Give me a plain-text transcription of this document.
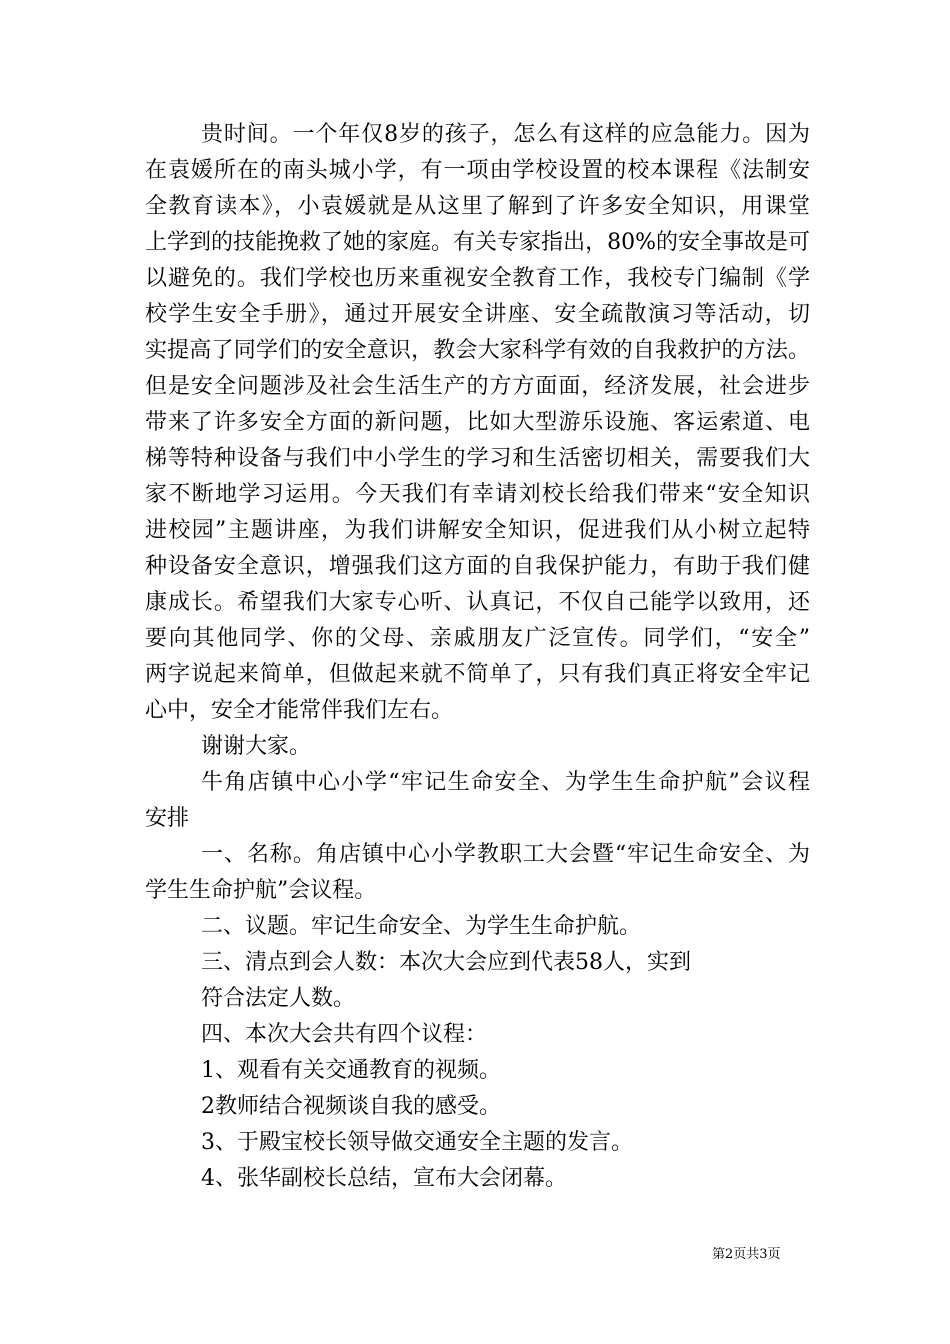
贵时间。一个年仅8岁的孩子，怎么有这样的应急能力。因为
在袁媛所在的南头城小学，有一项由学校设置的校本课程《法制安
全教育读本》，小袁媛就是从这里了解到了许多安全知识，用课堂
上学到的技能挽救了她的家庭。有关专家指出，80%的安全事故是可
以避免的。我们学校也历来重视安全教育工作，我校专门编制《学
校学生安全手册》，通过开展安全讲座、安全疏散演习等活动，切
实提高了同学们的安全意识，教会大家科学有效的自我救护的方法。
但是安全问题涉及社会生活生产的方方面面，经济发展，社会进步
带来了许多安全方面的新问题，比如大型游乐设施、客运索道、电
梯等特种设备与我们中小学生的学习和生活密切相关，需要我们大
家不断地学习运用。今天我们有幸请刘校长给我们带来“安全知识
进校园”主题讲座，为我们讲解安全知识，促进我们从小树立起特
种设备安全意识，增强我们这方面的自我保护能力，有助于我们健
康成长。希望我们大家专心听、认真记，不仅自己能学以致用，还
要向其他同学、你的父母、亲戚朋友广泛宣传。同学们，“安全”
两字说起来简单，但做起来就不简单了，只有我们真正将安全牢记
心中，安全才能常伴我们左右。
谢谢大家。
牛角店镇中心小学“牢记生命安全、为学生生命护航”会议程
安排
一、名称。角店镇中心小学教职工大会暨“牢记生命安全、为
学生生命护航”会议程。
二、议题。牢记生命安全、为学生生命护航。
三、清点到会人数：本次大会应到代表58人，实到
符合法定人数。
四、本次大会共有四个议程：
1、观看有关交通教育的视频。
2教师结合视频谈自我的感受。
3、于殿宝校长领导做交通安全主题的发言。
4、张华副校长总结，宣布大会闭幕。
第2页共3页
